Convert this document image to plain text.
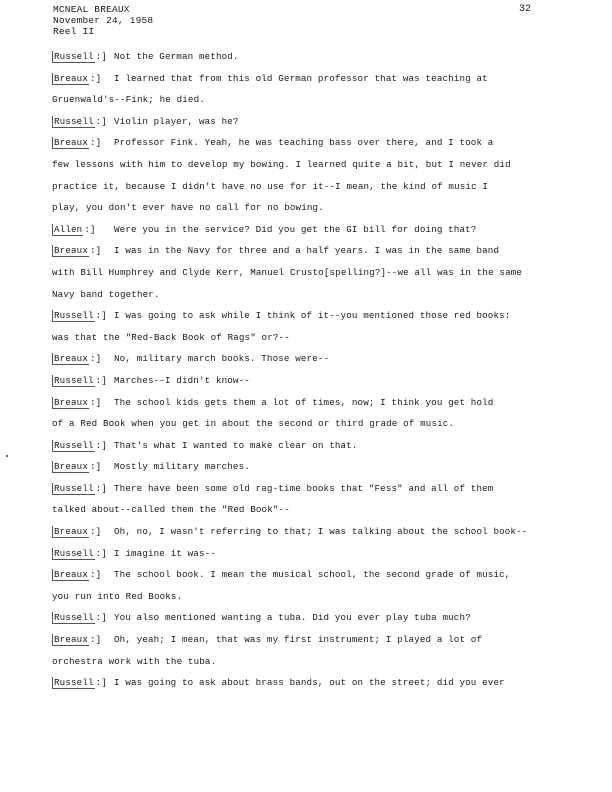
MCNEAL BREAUX
November 24, 1958
Reel II
32
Russell :] Not the German method.
Breaux :] I learned that from this old German professor that was teaching at
Gruenwald's--Fink; he died.
Russell :] Violin player, was he?
Breaux :] Professor Fink. Yeah, he was teaching bass over there, and I took a
few lessons with him to develop my bowing. I learned quite a bit, but I never did
practice it, because I didn't have no use for it--I mean, the kind of music I
play, you don't ever have no call for no bowing.
Allen :] Were you in the service? Did you get the GI bill for doing that?
Breaux :] I was in the Navy for three and a half years. I was in the same band
with Bill Humphrey and Clyde Kerr, Manuel Crusto[spelling?]--we all was in the same
Navy band together.
Russell :] I was going to ask while I think of it--you mentioned those red books:
was that the "Red-Back Book of Rags" or?--
Breaux :] No, military march books. Those were--
Russell :] Marches--I didn't know--
Breaux :] The school kids gets them a lot of times, now; I think you get hold
of a Red Book when you get in about the second or third grade of music.
Russell :] That's what I wanted to make clear on that.
Breaux :] Mostly military marches.
Russell :] There have been some old rag-time books that "Fess" and all of them
talked about--called them the "Red Book"--
Breaux :] Oh, no, I wasn't referring to that; I was talking about the school book--
Russell :] I imagine it was--
Breaux :] The school book. I mean the musical school, the second grade of music,
you run into Red Books.
Russell :] You also mentioned wanting a tuba. Did you ever play tuba much?
Breaux :] Oh, yeah; I mean, that was my first instrument; I played a lot of
orchestra work with the tuba.
Russell :] I was going to ask about brass bands, out on the street; did you ever
